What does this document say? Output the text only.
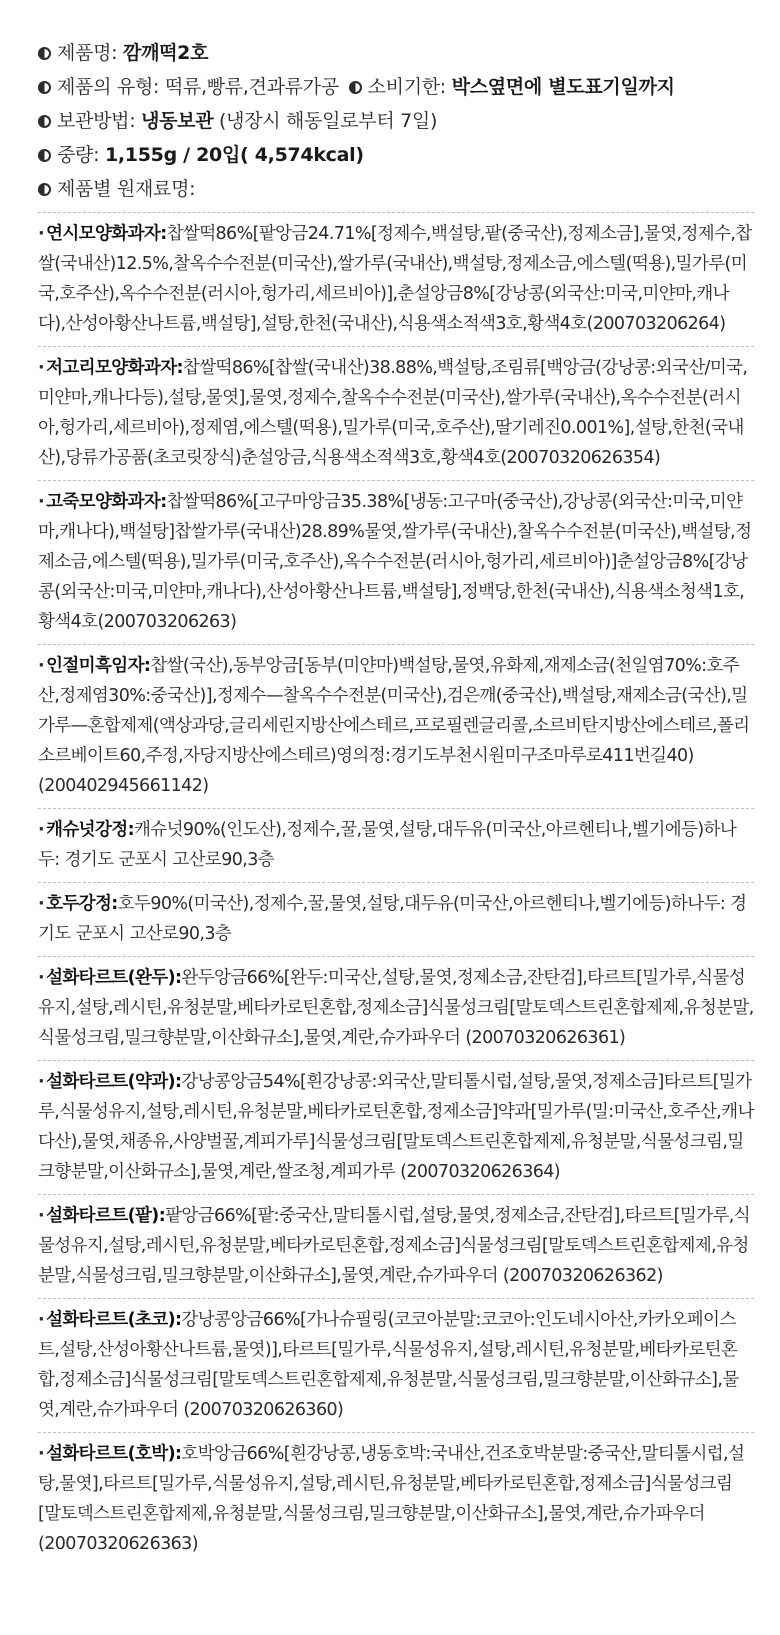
제품명: 깜깨떡2호
제품의 유형: 떡류,빵류,견과류가공 소비기한: 박스옆면에 별도표기일까지
보관방법: 냉동보관 (냉장시 해동일로부터 7일)
중량: 1,155g / 20입( 4,574kcal)
제품별 원재료명:
· 연시모양화과자:찹쌀떡86%[팥앙금24.71%[정제수,백설탕,팥(중국산),정제소금],물엿,정제수,찹쌀(국내산)12.5%,찰옥수수전분(미국산),쌀가루(국내산),백설탕,정제소금,에스텔(떡용),밀가루(미국,호주산),옥수수전분(러시아,헝가리,세르비아)],춘설앙금8%[강낭콩(외국산:미국,미얀마,캐나다),산성아황산나트륨,백설탕],설탕,한천(국내산),식용색소적색3호,황색4호(200703206264)
· 저고리모양화과자:찹쌀떡86%[찹쌀(국내산)38.88%,백설탕,조림류[백앙금(강낭콩:외국산/미국,미얀마,캐나다등),설탕,물엿],물엿,정제수,찰옥수수전분(미국산),쌀가루(국내산),옥수수전분(러시아,헝가리,세르비아),정제염,에스텔(떡용),밀가루(미국,호주산),딸기레진0.001%],설탕,한천(국내산),당류가공품(초코릿장식)춘설앙금,식용색소적색3호,황색4호(20070320626354)
· 고죽모양화과자:찹쌀떡86%[고구마앙금35.38%[냉동:고구마(중국산),강낭콩(외국산:미국,미얀마,캐나다),백설탕]찹쌀가루(국내산)28.89%물엿,쌀가루(국내산),찰옥수수전분(미국산),백설탕,정제소금,에스텔(떡용),밀가루(미국,호주산),옥수수전분(러시아,헝가리,세르비아)]춘설앙금8%[강낭콩(외국산:미국,미얀마,캐나다),산성아황산나트륨,백설탕],정백당,한천(국내산),식용색소청색1호,황색4호(200703206263)
· 인절미흑임자:찹쌀(국산),동부앙금[동부(미얀마)백설탕,물엿,유화제,재제소금(천일염70%:호주산,정제염30%:중국산)],정제수—찰옥수수전분(미국산),검은깨(중국산),백설탕,재제소금(국산),밀가루—혼합제제(액상과당,글리세린지방산에스테르,프로필렌글리콜,소르비탄지방산에스테르,폴리소르베이트60,주정,자당지방산에스테르)영의정:경기도부천시원미구조마루로411번길40)(20040294566114​2)
· 캐슈넛강정:캐슈넛90%(인도산),정제수,꿀,물엿,설탕,대두유(미국산,아르헨티나,벨기에등)하나두: 경기도 군포시 고산로90,3층
· 호두강정:호두90%(미국산),정제수,꿀,물엿,설탕,대두유(미국산,아르헨티나,벨기에등)하나두: 경기도 군포시 고산로90,3층
· 설화타르트(완두):완두앙금66%[완두:미국산,설탕,물엿,정제소금,잔탄검],타르트[밀가루,식물성유지,설탕,레시틴,유청분말,베타카로틴혼합,정제소금]식물성크림[말토덱스트린혼합제제,유청분말,식물성크림,밀크향분말,이산화규소],물엿,계란,슈가파우더 (20070320626361)
· 설화타르트(약과):강낭콩앙금54%[흰강낭콩:외국산,말티톨시럽,설탕,물엿,정제소금]타르트[밀가루,식물성유지,설탕,레시틴,유청분말,베타카로틴혼합,정제소금]약과[밀가루(밀:미국산,호주산,캐나다산),물엿,채종유,사양벌꿀,계피가루]식물성크림[말토덱스트린혼합제제,유청분말,식물성크림,밀크향분말,이산화규소],물엿,계란,쌀조청,계피가루 (20070320626364)
· 설화타르트(팥):팥앙금66%[팥:중국산,말티톨시럽,설탕,물엿,정제소금,잔탄검],타르트[밀가루,식물성유지,설탕,레시틴,유청분말,베타카로틴혼합,정제소금]식물성크림[말토덱스트린혼합제제,유청분말,식물성크림,밀크향분말,이산화규소],물엿,계란,슈가파우더 (20070320626362)
· 설화타르트(초코):강낭콩앙금66%[가나슈필링(코코아분말:코코아:인도네시아산,카카오페이스트,설탕,산성아황산나트륨,물엿)],타르트[밀가루,식물성유지,설탕,레시틴,유청분말,베타카로틴혼합,정제소금]식물성크림[말토덱스트린혼합제제,유청분말,식물성크림,밀크향분말,이산화규소],물엿,계란,슈가파우더 (20070320626360)
· 설화타르트(호박):호박앙금66%[흰강낭콩,냉동호박:국내산,건조호박분말:중국산,말티톨시럽,설탕,물엿],타르트[밀가루,식물성유지,설탕,레시틴,유청분말,베타카로틴혼합,정제소금]식물성크림[말토덱스트린혼합제제,유청분말,식물성크림,밀크향분말,이산화규소],물엿,계란,슈가파우더 (20070320626363)
